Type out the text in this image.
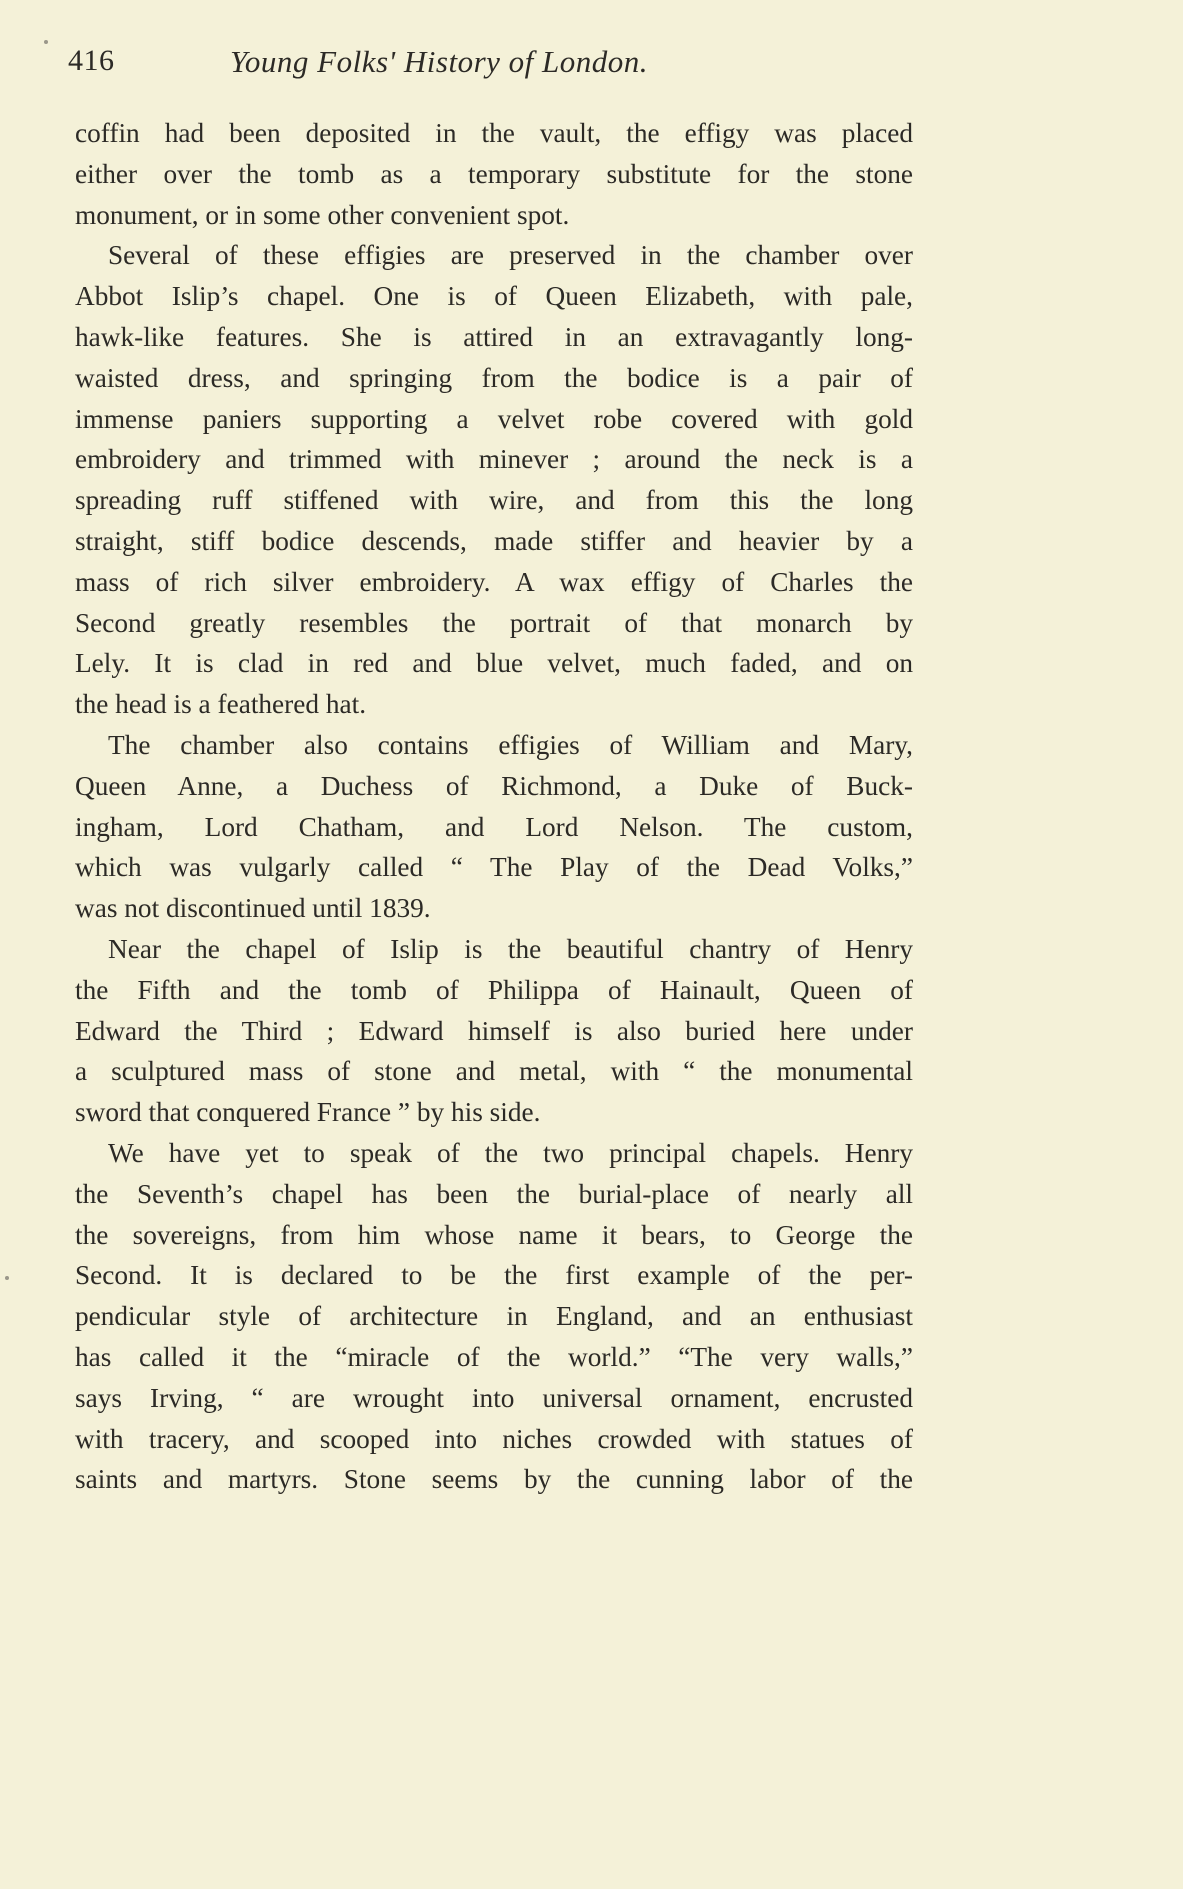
416	Young Folks' History of London.
coffin had been deposited in the vault, the effigy was placed
either over the tomb as a temporary substitute for the stone
monument, or in some other convenient spot.
Several of these effigies are preserved in the chamber over
Abbot Islip’s chapel. One is of Queen Elizabeth, with pale,
hawk-like features. She is attired in an extravagantly long-
waisted dress, and springing from the bodice is a pair of
immense paniers supporting a velvet robe covered with gold
embroidery and trimmed with minever ; around the neck is a
spreading ruff stiffened with wire, and from this the long
straight, stiff bodice descends, made stiffer and heavier by a
mass of rich silver embroidery. A wax effigy of Charles the
Second greatly resembles the portrait of that monarch by
Lely. It is clad in red and blue velvet, much faded, and on
the head is a feathered hat.
The chamber also contains effigies of William and Mary,
Queen Anne, a Duchess of Richmond, a Duke of Buck-
ingham, Lord Chatham, and Lord Nelson. The custom,
which was vulgarly called “ The Play of the Dead Volks,”
was not discontinued until 1839.
Near the chapel of Islip is the beautiful chantry of Henry
the Fifth and the tomb of Philippa of Hainault, Queen of
Edward the Third ; Edward himself is also buried here under
a sculptured mass of stone and metal, with “ the monumental
sword that conquered France ” by his side.
We have yet to speak of the two principal chapels. Henry
the Seventh’s chapel has been the burial-place of nearly all
the sovereigns, from him whose name it bears, to George the
Second. It is declared to be the first example of the per-
pendicular style of architecture in England, and an enthusiast
has called it the “miracle of the world.” “The very walls,”
says Irving, “ are wrought into universal ornament, encrusted
with tracery, and scooped into niches crowded with statues of
saints and martyrs. Stone seems by the cunning labor of the
